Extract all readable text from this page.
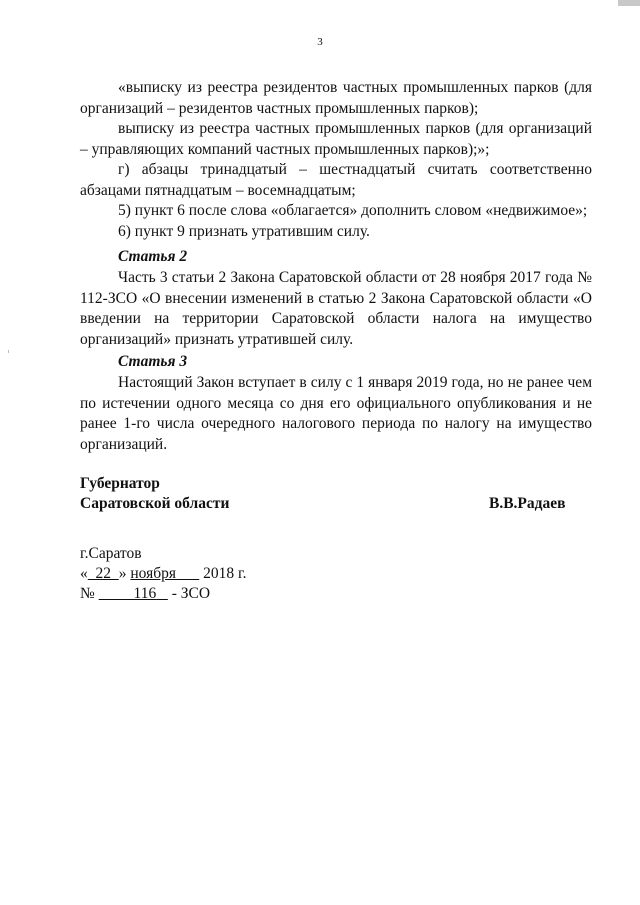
3

«выписку из реестра резидентов частных промышленных парков (для организаций – резидентов частных промышленных парков);

выписку из реестра частных промышленных парков (для организаций – управляющих компаний частных промышленных парков);»;

г) абзацы тринадцатый – шестнадцатый считать соответственно абзацами пятнадцатым – восемнадцатым;

5) пункт 6 после слова «облагается» дополнить словом «недвижимое»;

6) пункт 9 признать утратившим силу.

Статья 2

Часть 3 статьи 2 Закона Саратовской области от 28 ноября 2017 года № 112-ЗСО «О внесении изменений в статью 2 Закона Саратовской области «О введении на территории Саратовской области налога на имущество организаций» признать утратившей силу.

Статья 3

Настоящий Закон вступает в силу с 1 января 2019 года, но не ранее чем по истечении одного месяца со дня его официального опубликования и не ранее 1-го числа очередного налогового периода по налогу на имущество организаций.

Губернатор
Саратовской области	В.В.Радаев
г.Саратов
« 22 » ноября 2018 г.
№	116 - ЗСО
